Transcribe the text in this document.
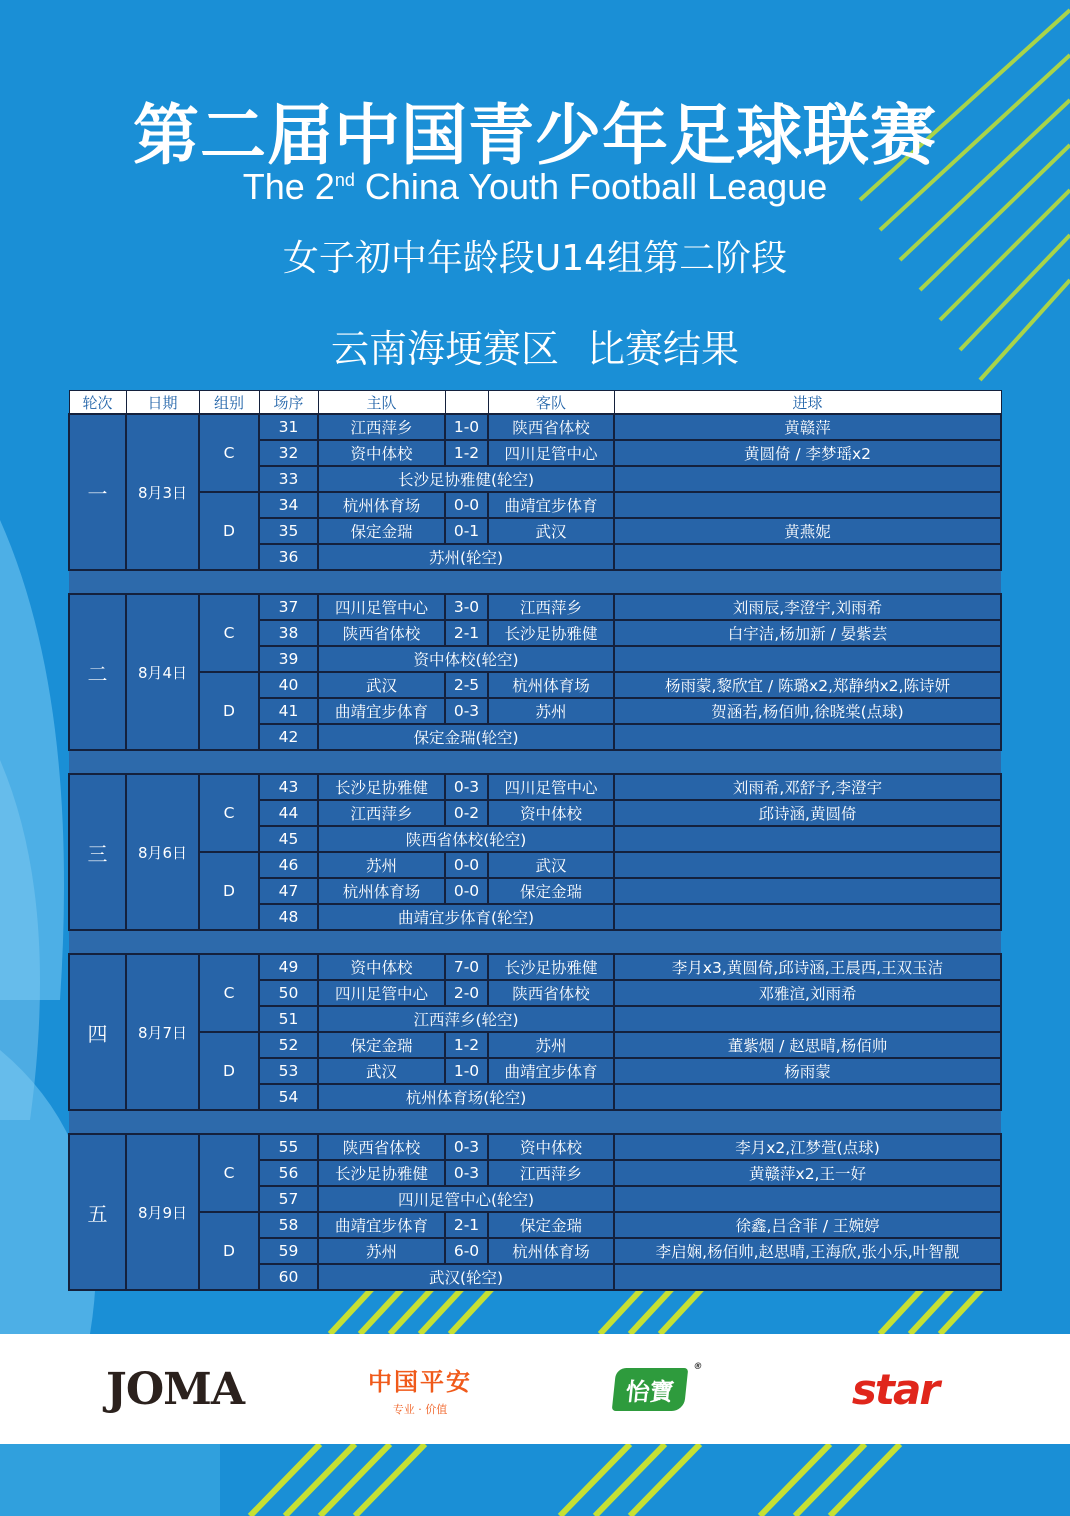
第二届中国青少年足球联赛
The 2nd China Youth Football League
女子初中年龄段U14组第二阶段
云南海埂赛区 比赛结果
轮次	日期	组别	场序	主队		客队	进球
一	8月3日	C	31	江西萍乡	1-0	陕西省体校	黄赣萍
			32	资中体校	1-2	四川足管中心	黄圆倚 / 李梦瑶x2
			33	长沙足协雅健(轮空)			
		D	34	杭州体育场	0-0	曲靖宜步体育	
			35	保定金瑞	0-1	武汉	黄燕妮
			36	苏州(轮空)			

二	8月4日	C	37	四川足管中心	3-0	江西萍乡	刘雨辰,李澄宇,刘雨希
			38	陕西省体校	2-1	长沙足协雅健	白宇洁,杨加新 / 晏紫芸
			39	资中体校(轮空)			
		D	40	武汉	2-5	杭州体育场	杨雨蒙,黎欣宜 / 陈璐x2,郑静纳x2,陈诗妍
			41	曲靖宜步体育	0-3	苏州	贺涵若,杨佰帅,徐晓棠(点球)
			42	保定金瑞(轮空)			

三	8月6日	C	43	长沙足协雅健	0-3	四川足管中心	刘雨希,邓舒予,李澄宇
			44	江西萍乡	0-2	资中体校	邱诗涵,黄圆倚
			45	陕西省体校(轮空)			
		D	46	苏州	0-0	武汉	
			47	杭州体育场	0-0	保定金瑞	
			48	曲靖宜步体育(轮空)			

四	8月7日	C	49	资中体校	7-0	长沙足协雅健	李月x3,黄圆倚,邱诗涵,王晨西,王双玉洁
			50	四川足管中心	2-0	陕西省体校	邓雅渲,刘雨希
			51	江西萍乡(轮空)			
		D	52	保定金瑞	1-2	苏州	董紫烟 / 赵思晴,杨佰帅
			53	武汉	1-0	曲靖宜步体育	杨雨蒙
			54	杭州体育场(轮空)			

五	8月9日	C	55	陕西省体校	0-3	资中体校	李月x2,江梦萱(点球)
			56	长沙足协雅健	0-3	江西萍乡	黄赣萍x2,王一好
			57	四川足管中心(轮空)			
		D	58	曲靖宜步体育	2-1	保定金瑞	徐鑫,吕含菲 / 王婉婷
			59	苏州	6-0	杭州体育场	李启娴,杨佰帅,赵思晴,王海欣,张小乐,叶智靓
			60	武汉(轮空)			
JOMA	中国平安
专业 · 价值
怡寶
®	star
